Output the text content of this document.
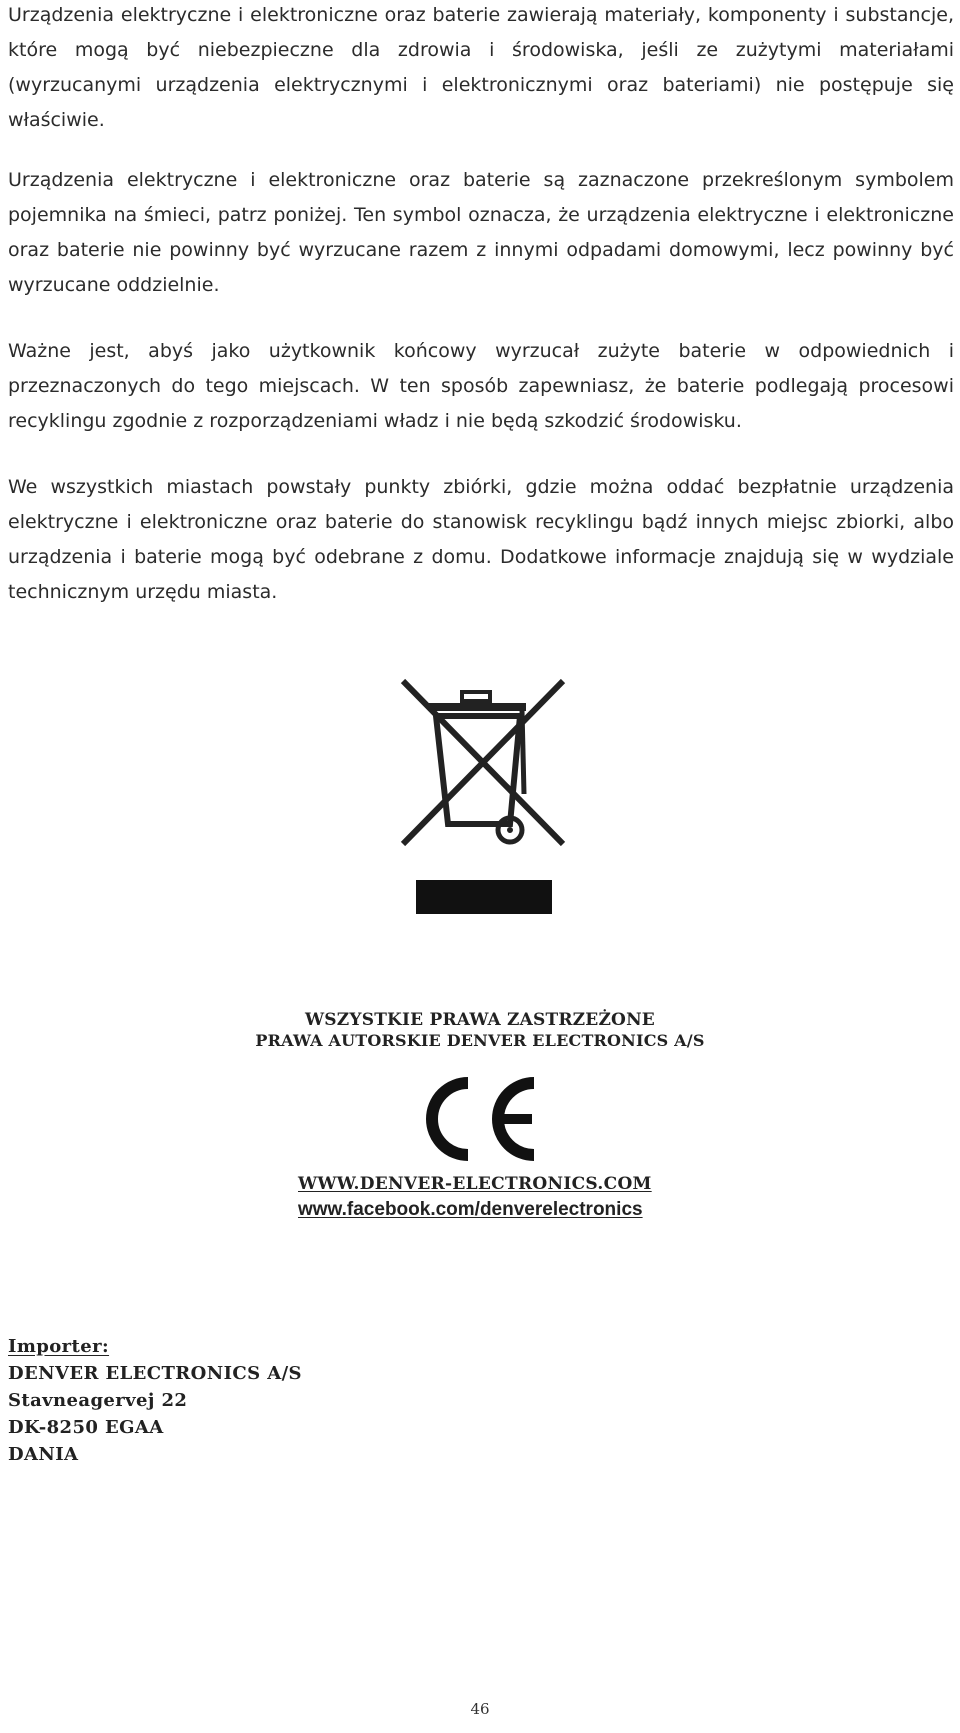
Urządzenia elektryczne i elektroniczne oraz baterie zawierają materiały, komponenty i substancje, które mogą być niebezpieczne dla zdrowia i środowiska, jeśli ze zużytymi materiałami (wyrzucanymi urządzenia elektrycznymi i elektronicznymi oraz bateriami) nie postępuje się właściwie.

Urządzenia elektryczne i elektroniczne oraz baterie są zaznaczone przekreślonym symbolem pojemnika na śmieci, patrz poniżej. Ten symbol oznacza, że urządzenia elektryczne i elektroniczne oraz baterie nie powinny być wyrzucane razem z innymi odpadami domowymi, lecz powinny być wyrzucane oddzielnie.

Ważne jest, abyś jako użytkownik końcowy wyrzucał zużyte baterie w odpowiednich i przeznaczonych do tego miejscach. W ten sposób zapewniasz, że baterie podlegają procesowi recyklingu zgodnie z rozporządzeniami władz i nie będą szkodzić środowisku.

We wszystkich miastach powstały punkty zbiórki, gdzie można oddać bezpłatnie urządzenia elektryczne i elektroniczne oraz baterie do stanowisk recyklingu bądź innych miejsc zbiorki, albo urządzenia i baterie mogą być odebrane z domu. Dodatkowe informacje znajdują się w wydziale technicznym urzędu miasta.

WSZYSTKIE PRAWA ZASTRZEŻONE

PRAWA AUTORSKIE DENVER ELECTRONICS A/S

WWW.DENVER-ELECTRONICS.COM

www.facebook.com/denverelectronics

Importer:

DENVER ELECTRONICS A/S

Stavneagervej 22

DK-8250 EGAA

DANIA

46
